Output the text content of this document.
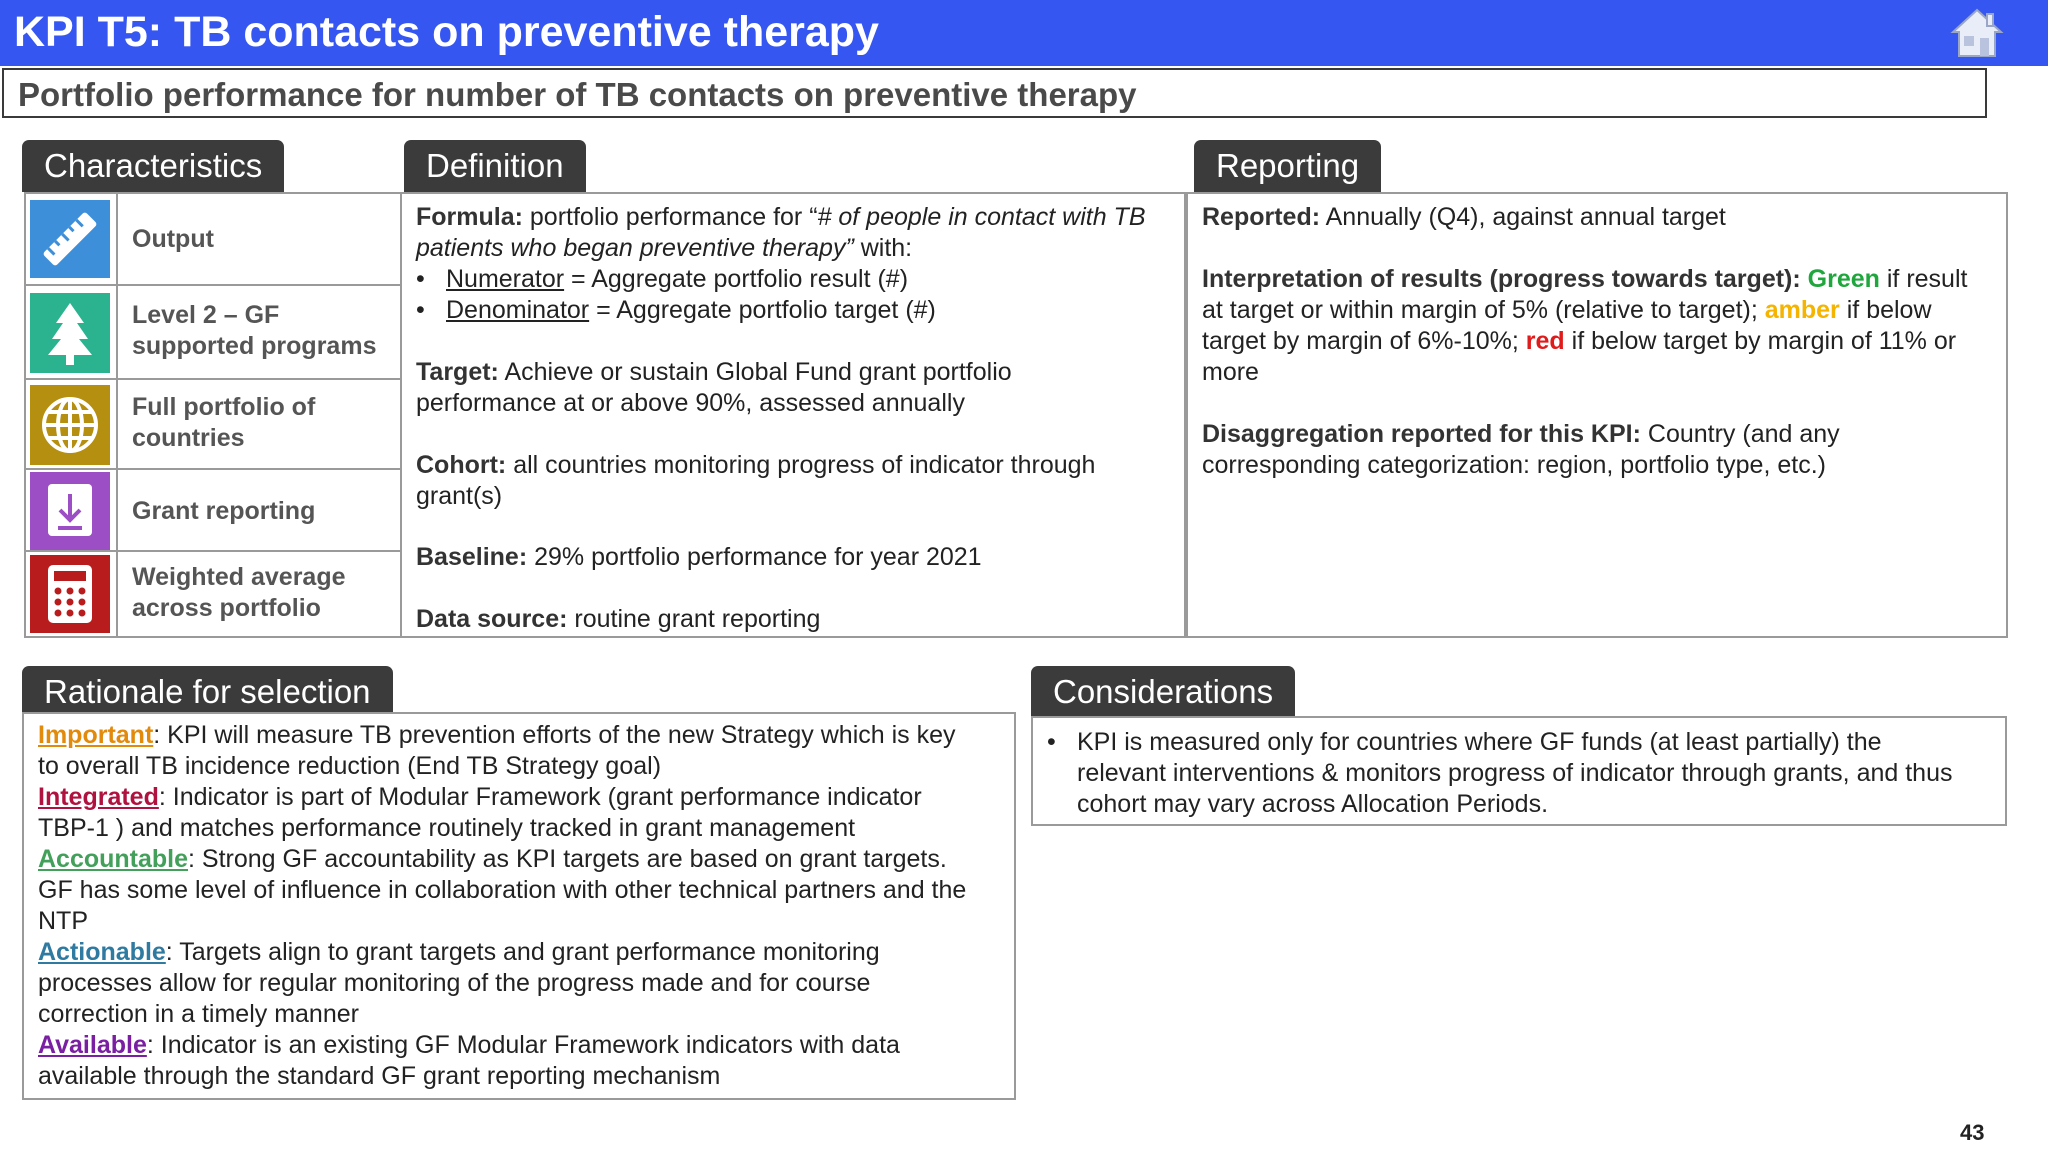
KPI T5: TB contacts on preventive therapy
Portfolio performance for number of TB contacts on preventive therapy
Characteristics	Definition	Reporting
Output
Level 2 – GF
supported programs
Full portfolio of
countries
Grant reporting
Weighted average
across portfolio
Formula: portfolio performance for “# of people in contact with TB
patients who began preventive therapy” with:
• Numerator = Aggregate portfolio result (#)
• Denominator = Aggregate portfolio target (#)
Target: Achieve or sustain Global Fund grant portfolio
performance at or above 90%, assessed annually
Cohort: all countries monitoring progress of indicator through
grant(s)
Baseline: 29% portfolio performance for year 2021
Data source: routine grant reporting
Reported: Annually (Q4), against annual target
Interpretation of results (progress towards target): Green if result
at target or within margin of 5% (relative to target); amber if below
target by margin of 6%-10%; red if below target by margin of 11% or
more
Disaggregation reported for this KPI: Country (and any
corresponding categorization: region, portfolio type, etc.)
Rationale for selection
Important: KPI will measure TB prevention efforts of the new Strategy which is key
to overall TB incidence reduction (End TB Strategy goal)
Integrated: Indicator is part of Modular Framework (grant performance indicator
TBP-1 ) and matches performance routinely tracked in grant management
Accountable: Strong GF accountability as KPI targets are based on grant targets.
GF has some level of influence in collaboration with other technical partners and the
NTP
Actionable: Targets align to grant targets and grant performance monitoring
processes allow for regular monitoring of the progress made and for course
correction in a timely manner
Available: Indicator is an existing GF Modular Framework indicators with data
available through the standard GF grant reporting mechanism
Considerations
• KPI is measured only for countries where GF funds (at least partially) the
relevant interventions & monitors progress of indicator through grants, and thus
cohort may vary across Allocation Periods.
43
